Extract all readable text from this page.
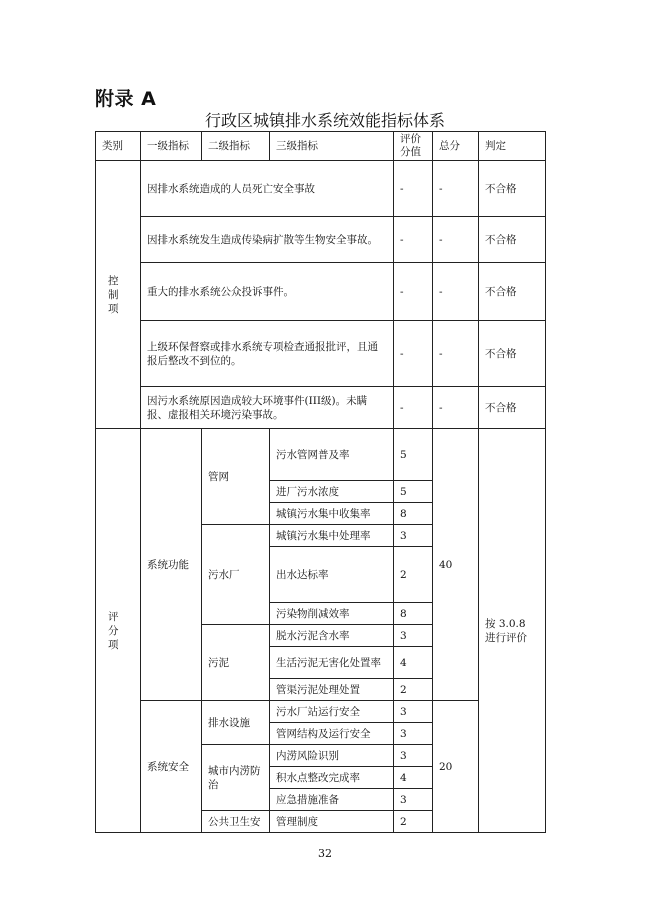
附录 A
行政区城镇排水系统效能指标体系
类别	一级指标	二级指标	三级指标	评价分值	总分	判定
控制项	因排水系统造成的人员死亡安全事故			-	-	不合格
	因排水系统发生造成传染病扩散等生物安全事故。			-	-	不合格
	重大的排水系统公众投诉事件。			-	-	不合格
	上级环保督察或排水系统专项检查通报批评，且通报后整改不到位的。			-	-	不合格
	因污水系统原因造成较大环境事件(III级)。未瞒报、虚报相关环境污染事故。			-	-	不合格
评分项	系统功能	管网	污水管网普及率	5	40	按 3.0.8 进行评价
			进厂污水浓度	5		
			城镇污水集中收集率	8		
		污水厂	城镇污水集中处理率	3		
			出水达标率	2		
			污染物削减效率	8		
		污泥	脱水污泥含水率	3		
			生活污泥无害化处置率	4		
			管渠污泥处理处置	2		
	系统安全	排水设施	污水厂站运行安全	3	20	
			管网结构及运行安全	3		
		城市内涝防治	内涝风险识别	3		
			积水点整改完成率	4		
			应急措施准备	3		
		公共卫生安	管理制度	2		
32
